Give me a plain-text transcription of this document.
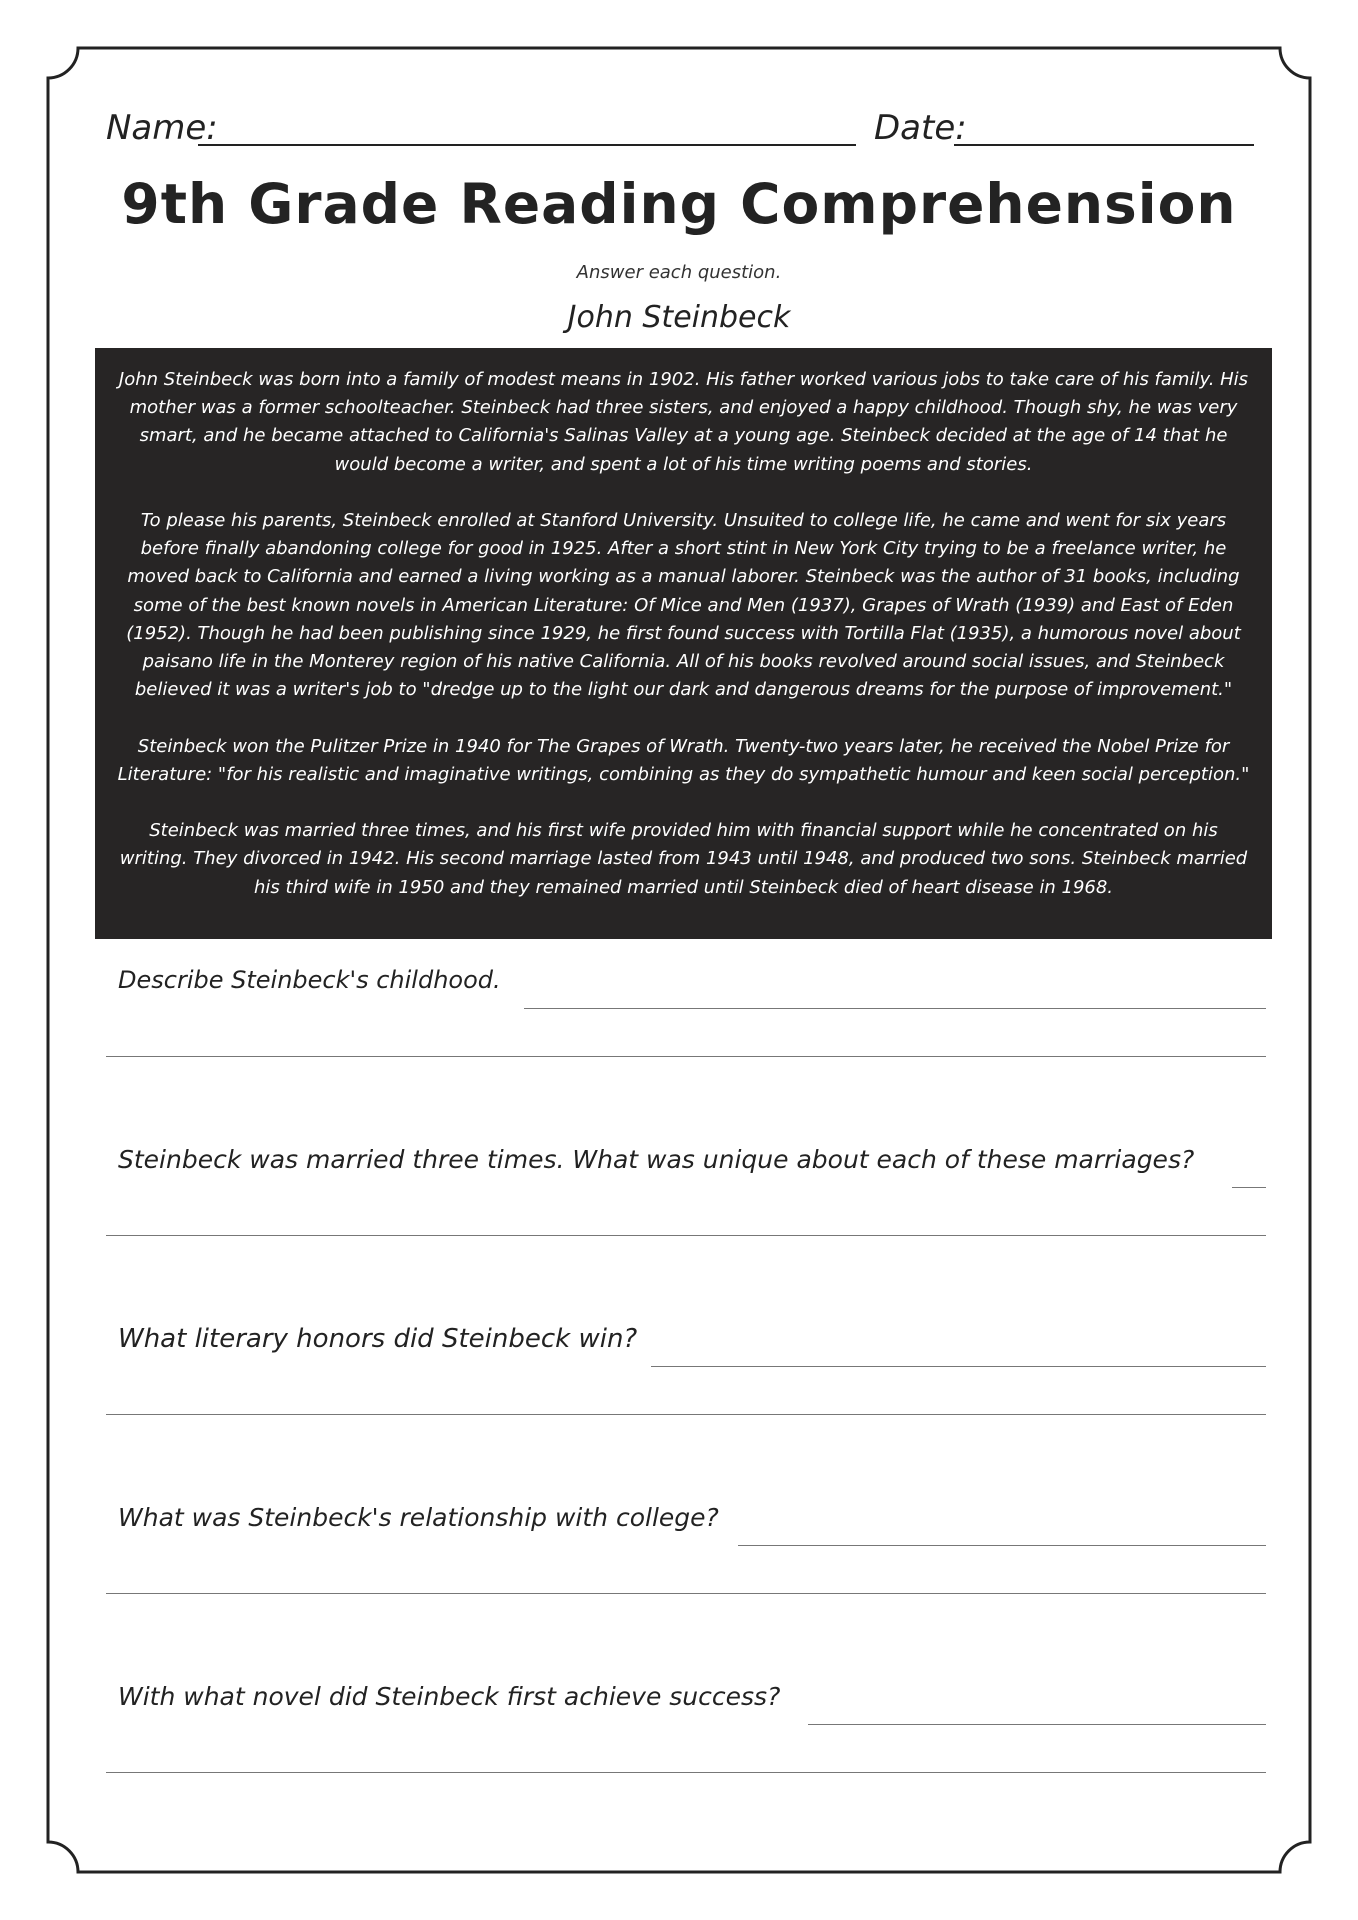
Name:	Date:
9th Grade Reading Comprehension
Answer each question.
John Steinbeck

John Steinbeck was born into a family of modest means in 1902. His father worked various jobs to take care of his family. His mother was a former schoolteacher. Steinbeck had three sisters, and enjoyed a happy childhood. Though shy, he was very smart, and he became attached to California's Salinas Valley at a young age. Steinbeck decided at the age of 14 that he would become a writer, and spent a lot of his time writing poems and stories.

To please his parents, Steinbeck enrolled at Stanford University. Unsuited to college life, he came and went for six years before finally abandoning college for good in 1925. After a short stint in New York City trying to be a freelance writer, he moved back to California and earned a living working as a manual laborer. Steinbeck was the author of 31 books, including some of the best known novels in American Literature: Of Mice and Men (1937), Grapes of Wrath (1939) and East of Eden (1952). Though he had been publishing since 1929, he first found success with Tortilla Flat (1935), a humorous novel about paisano life in the Monterey region of his native California. All of his books revolved around social issues, and Steinbeck believed it was a writer's job to "dredge up to the light our dark and dangerous dreams for the purpose of improvement."

Steinbeck won the Pulitzer Prize in 1940 for The Grapes of Wrath. Twenty-two years later, he received the Nobel Prize for Literature: "for his realistic and imaginative writings, combining as they do sympathetic humour and keen social perception."

Steinbeck was married three times, and his first wife provided him with financial support while he concentrated on his writing. They divorced in 1942. His second marriage lasted from 1943 until 1948, and produced two sons. Steinbeck married his third wife in 1950 and they remained married until Steinbeck died of heart disease in 1968.

Describe Steinbeck's childhood.
Steinbeck was married three times. What was unique about each of these marriages?
What literary honors did Steinbeck win?
What was Steinbeck's relationship with college?
With what novel did Steinbeck first achieve success?
